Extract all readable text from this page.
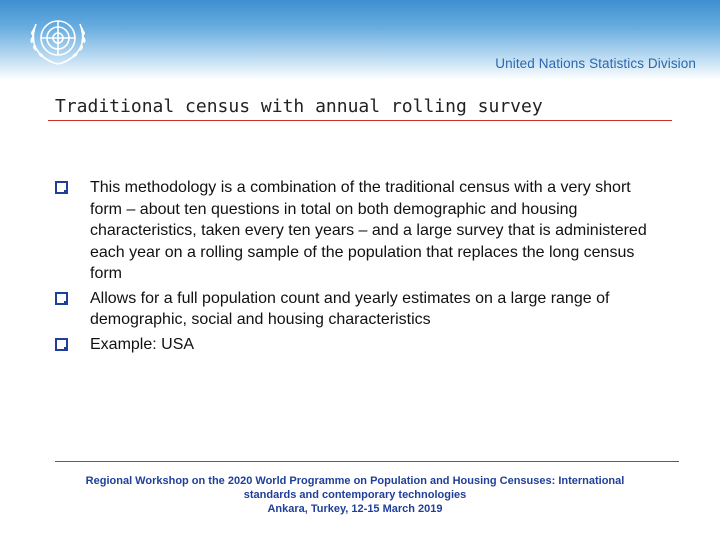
United Nations Statistics Division
Traditional census with annual rolling survey
This methodology is a combination of the traditional census with a very short form – about ten questions in total on both demographic and housing characteristics, taken every ten years – and a large survey that is administered each year on a rolling sample of the population that replaces the long census form
Allows for a full population count and yearly estimates on a large range of demographic, social and housing characteristics
Example: USA
Regional Workshop on the 2020 World Programme on Population and Housing Censuses: International
standards and contemporary technologies
Ankara, Turkey, 12-15 March 2019
